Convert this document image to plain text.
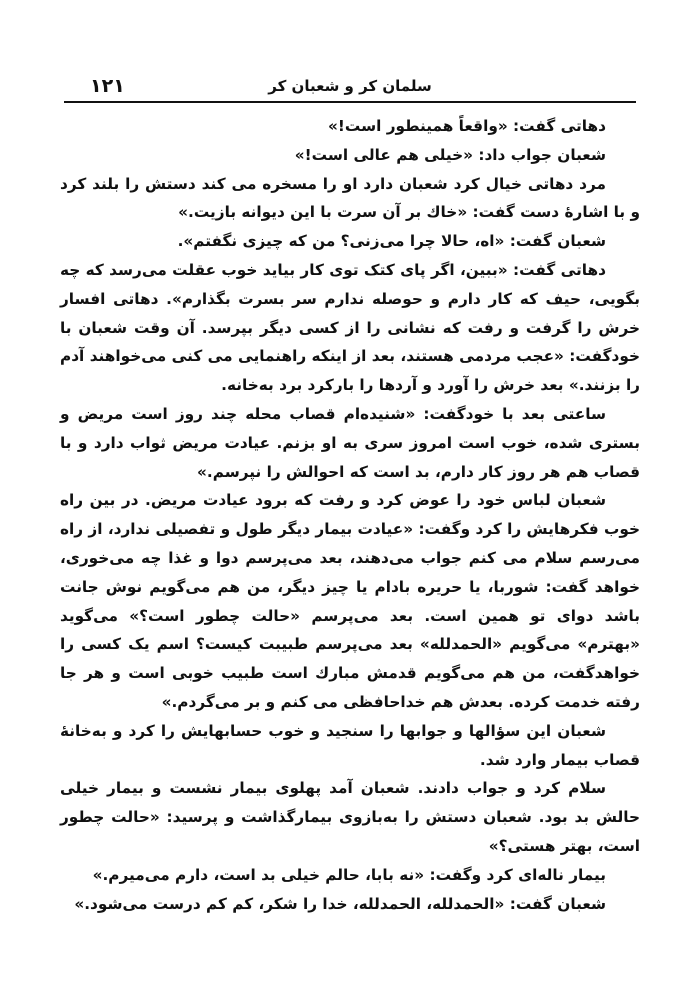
۱۲۱	سلمان کر و شعبان کر

دهاتی گفت: «واقعاً همینطور است!»

شعبان جواب داد: «خیلی هم عالی است!»

مرد دهاتی خیال کرد شعبان دارد او را مسخره می کند دستش را بلند کرد و با اشارهٔ دست گفت: «خاك بر آن سرت با این دیوانه بازیت.»

شعبان گفت: «اه، حالا چرا می‌زنی؟ من که چیزی نگفتم».

دهاتی گفت: «ببین، اگر پای کتک توی کار بیاید خوب عقلت می‌رسد که چه بگویی، حیف که کار دارم و حوصله ندارم سر بسرت بگذارم». دهاتی افسار خرش را گرفت و رفت که نشانی را از کسی دیگر بپرسد. آن وقت شعبان با خودگفت: «عجب مردمی هستند، بعد از اینکه راهنمایی می کنی می‌خواهند آدم را بزنند.» بعد خرش را آورد و آردها را بارکرد برد به‌خانه.

ساعتی بعد با خودگفت: «شنیده‌ام قصاب محله چند روز است مریض و بستری شده، خوب است امروز سری به او بزنم. عیادت مریض ثواب دارد و با قصاب هم هر روز کار دارم، بد است که احوالش را نپرسم.»

شعبان لباس خود را عوض کرد و رفت که برود عیادت مریض. در بین راه خوب فکرهایش را کرد وگفت: «عیادت بیمار دیگر طول و تفصیلی ندارد، از راه می‌رسم سلام می کنم جواب می‌دهند، بعد می‌پرسم دوا و غذا چه می‌خوری، خواهد گفت: شوربا، یا حریره بادام یا چیز دیگر، من هم می‌گویم نوش جانت باشد دوای تو همین است. بعد می‌پرسم «حالت چطور است؟» می‌گوید «بهترم» می‌گویم «الحمدلله» بعد می‌پرسم طبیبت کیست؟ اسم یک کسی را خواهدگفت، من هم می‌گویم قدمش مبارك است طبیب خوبی است و هر جا رفته خدمت کرده. بعدش هم خداحافظی می کنم و بر می‌گردم.»

شعبان این سؤالها و جوابها را سنجید و خوب حسابهایش را کرد و به‌خانهٔ قصاب بیمار وارد شد.

سلام کرد و جواب دادند. شعبان آمد پهلوی بیمار نشست و بیمار خیلی حالش بد بود. شعبان دستش را به‌بازوی بیمارگذاشت و پرسید: «حالت چطور است، بهتر هستی؟»

بیمار ناله‌ای کرد وگفت: «نه بابا، حالم خیلی بد است، دارم می‌میرم.»

شعبان گفت: «الحمدلله، الحمدلله، خدا را شکر، کم کم درست می‌شود.»
